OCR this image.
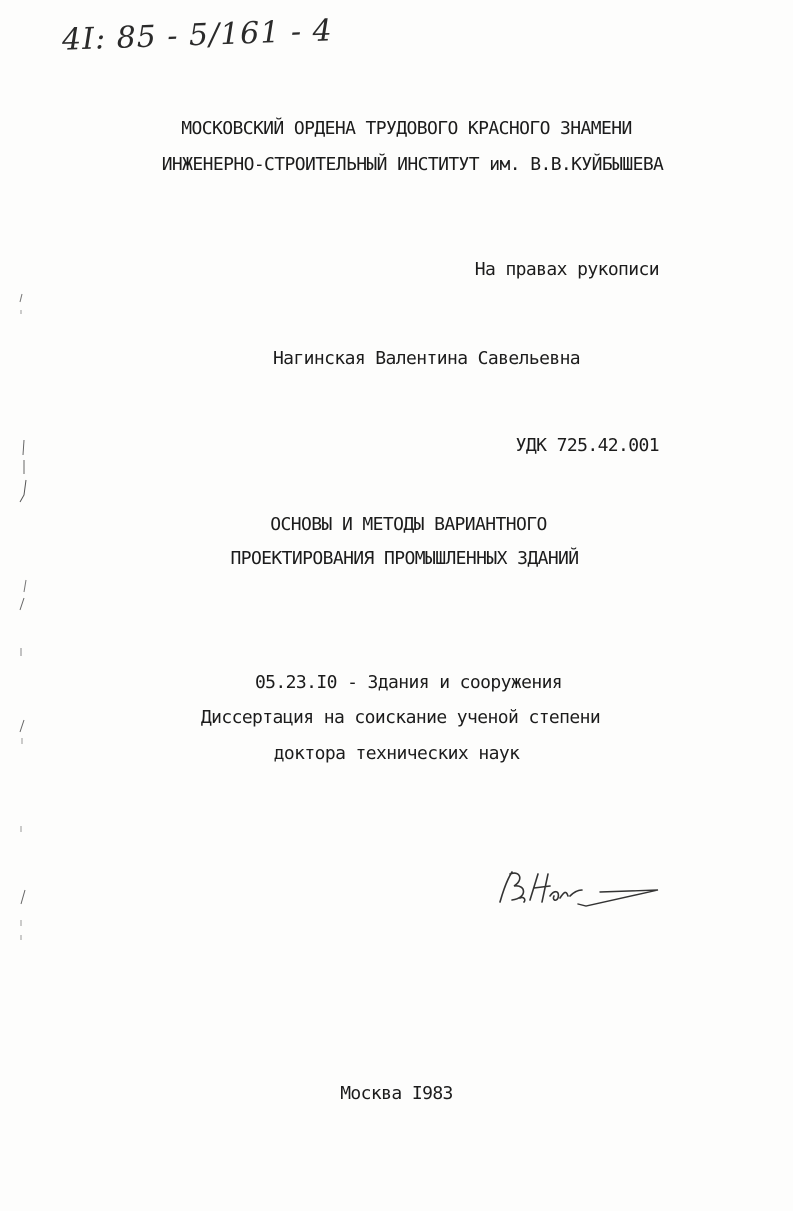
4I: 85 - 5/161 - 4
МОСКОВСКИЙ ОРДЕНА ТРУДОВОГО КРАСНОГО ЗНАМЕНИ
ИНЖЕНЕРНО-СТРОИТЕЛЬНЫЙ ИНСТИТУТ им. В.В.КУЙБЫШЕВА
На правах рукописи
Нагинская Валентина Савельевна
УДК 725.42.001
ОСНОВЫ И МЕТОДЫ ВАРИАНТНОГО
ПРОЕКТИРОВАНИЯ ПРОМЫШЛЕННЫХ ЗДАНИЙ
05.23.I0 - Здания и сооружения
Диссертация на соискание ученой степени
доктора технических наук
В.Наг
Москва I983
